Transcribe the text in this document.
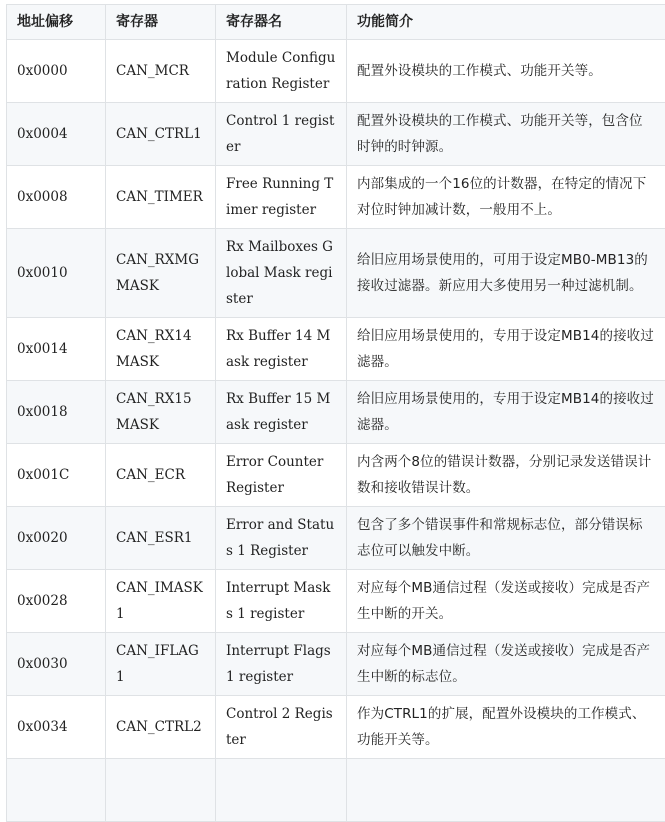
地址偏移	寄存器	寄存器名	功能简介
0x0000	CAN_MCR	Module Configuration Register	配置外设模块的工作模式、功能开关等。
0x0004	CAN_CTRL1	Control 1 register	配置外设模块的工作模式、功能开关等，包含位时钟的时钟源。
0x0008	CAN_TIMER	Free Running Timer register	内部集成的一个16位的计数器，在特定的情况下对位时钟加减计数，一般用不上。
0x0010	CAN_RXMGMASK	Rx Mailboxes Global Mask register	给旧应用场景使用的，可用于设定MB0-MB13的接收过滤器。新应用大多使用另一种过滤机制。
0x0014	CAN_RX14MASK	Rx Buffer 14 Mask register	给旧应用场景使用的，专用于设定MB14的接收过滤器。
0x0018	CAN_RX15MASK	Rx Buffer 15 Mask register	给旧应用场景使用的，专用于设定MB14的接收过滤器。
0x001C	CAN_ECR	Error Counter Register	内含两个8位的错误计数器，分别记录发送错误计数和接收错误计数。
0x0020	CAN_ESR1	Error and Status 1 Register	包含了多个错误事件和常规标志位，部分错误标志位可以触发中断。
0x0028	CAN_IMASK1	Interrupt Masks 1 register	对应每个MB通信过程（发送或接收）完成是否产生中断的开关。
0x0030	CAN_IFLAG1	Interrupt Flags 1 register	对应每个MB通信过程（发送或接收）完成是否产生中断的标志位。
0x0034	CAN_CTRL2	Control 2 Register	作为CTRL1的扩展，配置外设模块的工作模式、功能开关等。
